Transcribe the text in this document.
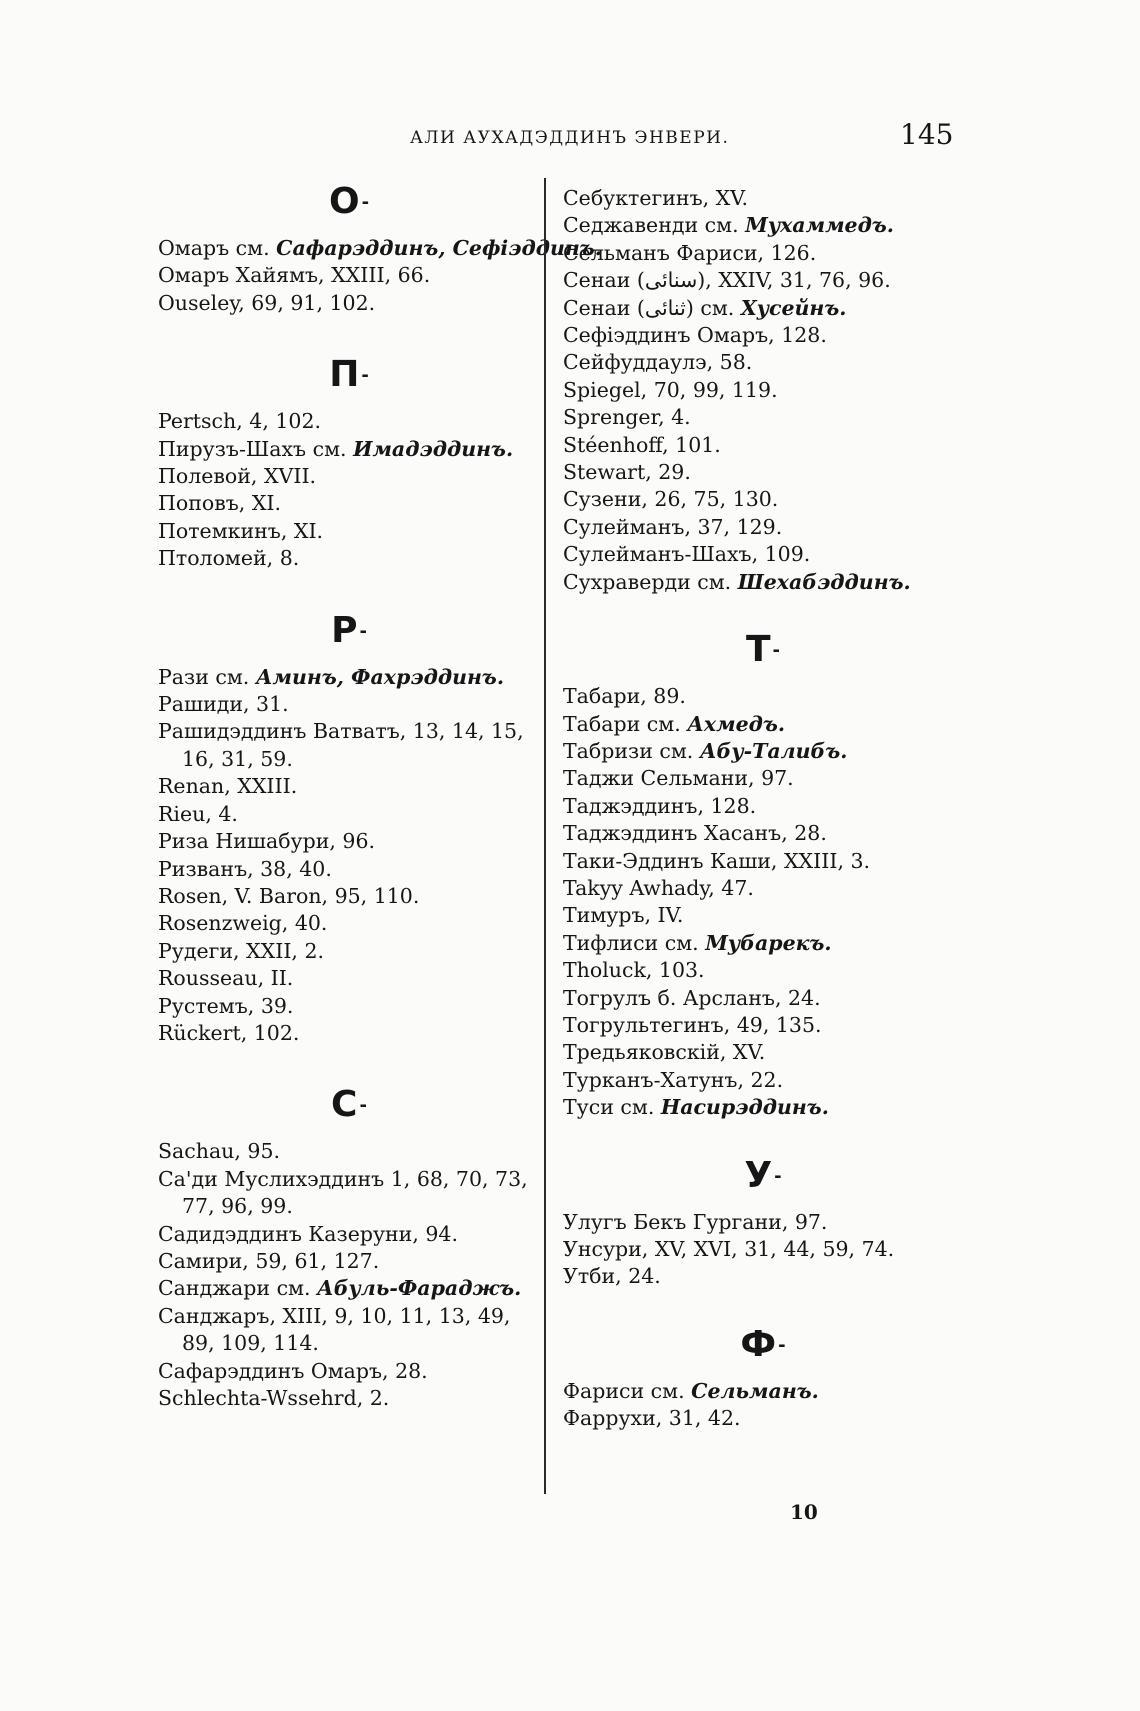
АЛИ АУХАДЭДДИНЪ ЭНВЕРИ.	145
O -
Омаръ см. Сафарэддинъ, Сефiэддинъ.
Омаръ Хайямъ, XXIII, 66.
Ouseley, 69, 91, 102.
П -
Pertsch, 4, 102.
Пирузъ-Шахъ см. Имадэддинъ.
Полевой, XVII.
Поповъ, XI.
Потемкинъ, XI.
Птоломей, 8.
Р -
Рази см. Аминъ, Фахрэддинъ.
Рашиди, 31.
Рашидэддинъ Ватватъ, 13, 14, 15,
16, 31, 59.
Renan, XXIII.
Rieu, 4.
Риза Нишабури, 96.
Ризванъ, 38, 40.
Rosen, V. Baron, 95, 110.
Rosenzweig, 40.
Рудеги, XXII, 2.
Rousseau, II.
Рустемъ, 39.
Rückert, 102.
С -
Sachau, 95.
Са'ди Муслихэддинъ 1, 68, 70, 73,
77, 96, 99.
Садидэддинъ Казеруни, 94.
Самири, 59, 61, 127.
Санджари см. Абуль-Фараджъ.
Санджаръ, XIII, 9, 10, 11, 13, 49,
89, 109, 114.
Сафарэддинъ Омаръ, 28.
Schlechta-Wssehrd, 2.
Себуктегинъ, XV.
Седжавенди см. Мухаммедъ.
Сельманъ Фариси, 126.
Сенаи (سنائى), XXIV, 31, 76, 96.
Сенаи (ثنائى) см. Хусейнъ.
Сефiэддинъ Омаръ, 128.
Сейфуддаулэ, 58.
Spiegel, 70, 99, 119.
Sprenger, 4.
Stéenhoff, 101.
Stewart, 29.
Сузени, 26, 75, 130.
Сулейманъ, 37, 129.
Сулейманъ-Шахъ, 109.
Сухраверди см. Шехабэддинъ.
Т -
Табари, 89.
Табари см. Ахмедъ.
Табризи см. Абу-Талибъ.
Таджи Сельмани, 97.
Таджэддинъ, 128.
Таджэддинъ Хасанъ, 28.
Таки-Эддинъ Каши, XXIII, 3.
Takyy Awhady, 47.
Тимуръ, IV.
Тифлиси см. Мубарекъ.
Tholuck, 103.
Тогрулъ б. Арсланъ, 24.
Тогрультегинъ, 49, 135.
Тредьяковскiй, XV.
Турканъ-Хатунъ, 22.
Туси см. Насирэддинъ.
У -
Улугъ Бекъ Гургани, 97.
Унсури, XV, XVI, 31, 44, 59, 74.
Утби, 24.
Ф -
Фариси см. Сельманъ.
Фаррухи, 31, 42.
10
